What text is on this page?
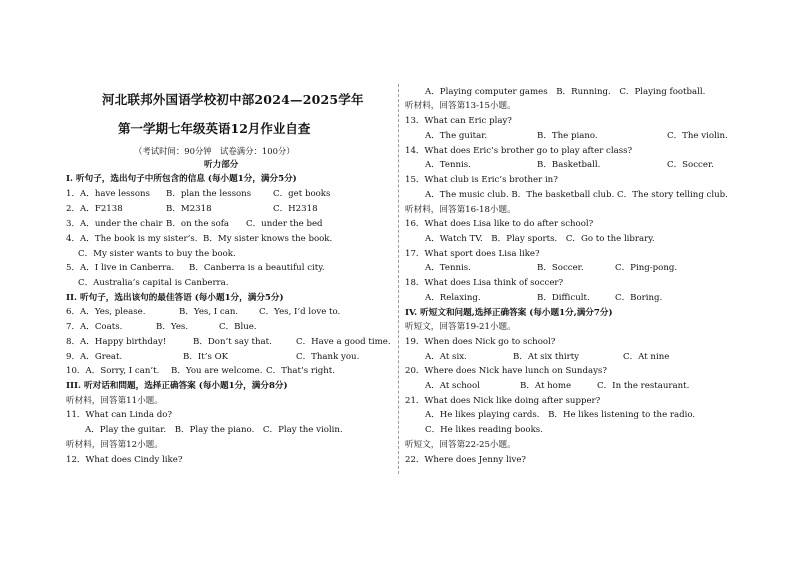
河北联邦外国语学校初中部2024—2025学年
第一学期七年级英语12月作业自查
（考试时间：90分钟　试卷满分：100分）
听力部分
I. 听句子，选出句子中所包含的信息 (每小题1分，满分5分)
1．A．have lessons B．plan the lessons	C．get books
2．A．F2138	B．M2318	C．H2318
3．A．under the chair B．on the sofa C．under the bed
4．A．The book is my sister’s. B．My sister knows the book.
C．My sister wants to buy the book.
5．A．I live in Canberra. B．Canberra is a beautiful city.
C．Australia’s capital is Canberra.
II. 听句子，选出该句的最佳答语 (每小题1分，满分5分)
6．A．Yes, please.	B．Yes, I can. C．Yes, I’d love to.
7．A．Coats.	B．Yes.	C．Blue.
8．A．Happy birthday!	B．Don’t say that.	C．Have a good time.
9．A．Great.	B．It’s OK	C．Thank you.
10．A．Sorry, I can’t. B．You are welcome. C．That’s right.
III. 听对话和問题，选择正确答案 (每小题1分，满分8分)
听材料，回答第11小题。
11．What can Linda do?
A．Play the guitar.　B．Play the piano.　C．Play the violin.
听材料，回答第12小题。
12．What does Cindy like?
A．Playing computer games　B．Running.　C．Playing football.
听材料，回答第13-15小题。
13．What can Eric play?
A．The guitar.	B．The piano.	C．The violin.
14．What does Eric’s brother go to play after class?
A．Tennis.	B．Basketball.	C．Soccer.
15．What club is Eric’s brother in?
A．The music club. B．The basketball club. C．The story telling club.
听材料，回答第16-18小题。
16．What does Lisa like to do after school?
A．Watch TV.　B．Play sports.　C．Go to the library.
17．What sport does Lisa like?
A．Tennis.	B．Soccer.	C．Ping-pong.
18．What does Lisa think of soccer?
A．Relaxing.	B．Difficult.	C．Boring.
IV. 听短文和问题,选择正确答案 (每小题1分,满分7分)
听短文，回答第19-21小题。
19．When does Nick go to school?
A．At six.	B．At six thirty	C．At nine
20．Where does Nick have lunch on Sundays?
A．At school	B．At home	C．In the restaurant.
21．What does Nick like doing after supper?
A．He likes playing cards.　B．He likes listening to the radio.
C．He likes reading books.
听短文，回答第22-25小题。
22．Where does Jenny live?
